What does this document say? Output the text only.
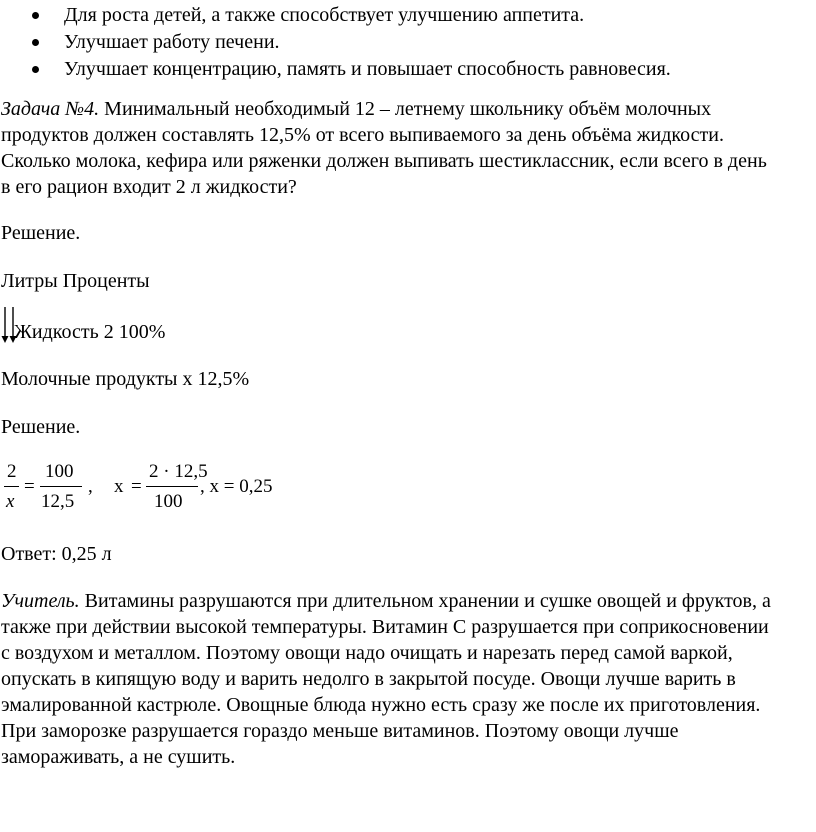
Для роста детей, а также способствует улучшению аппетита.
Улучшает работу печени.
Улучшает концентрацию, память и повышает способность равновесия.
Задача №4. Минимальный необходимый 12 – летнему школьнику объём молочных
продуктов должен составлять 12,5% от всего выпиваемого за день объёма жидкости.
Сколько молока, кефира или ряженки должен выпивать шестиклассник, если всего в день
в его рацион входит 2 л жидкости?
Решение.
Литры Проценты
Жидкость 2 100%
Молочные продукты х 12,5%
Решение.
2
x
=
100
12,5
, х =
2 · 12,5
100
, х = 0,25
Ответ: 0,25 л
Учитель. Витамины разрушаются при длительном хранении и сушке овощей и фруктов, а
также при действии высокой температуры. Витамин С разрушается при соприкосновении
с воздухом и металлом. Поэтому овощи надо очищать и нарезать перед самой варкой,
опускать в кипящую воду и варить недолго в закрытой посуде. Овощи лучше варить в
эмалированной кастрюле. Овощные блюда нужно есть сразу же после их приготовления.
При заморозке разрушается гораздо меньше витаминов. Поэтому овощи лучше
замораживать, а не сушить.
